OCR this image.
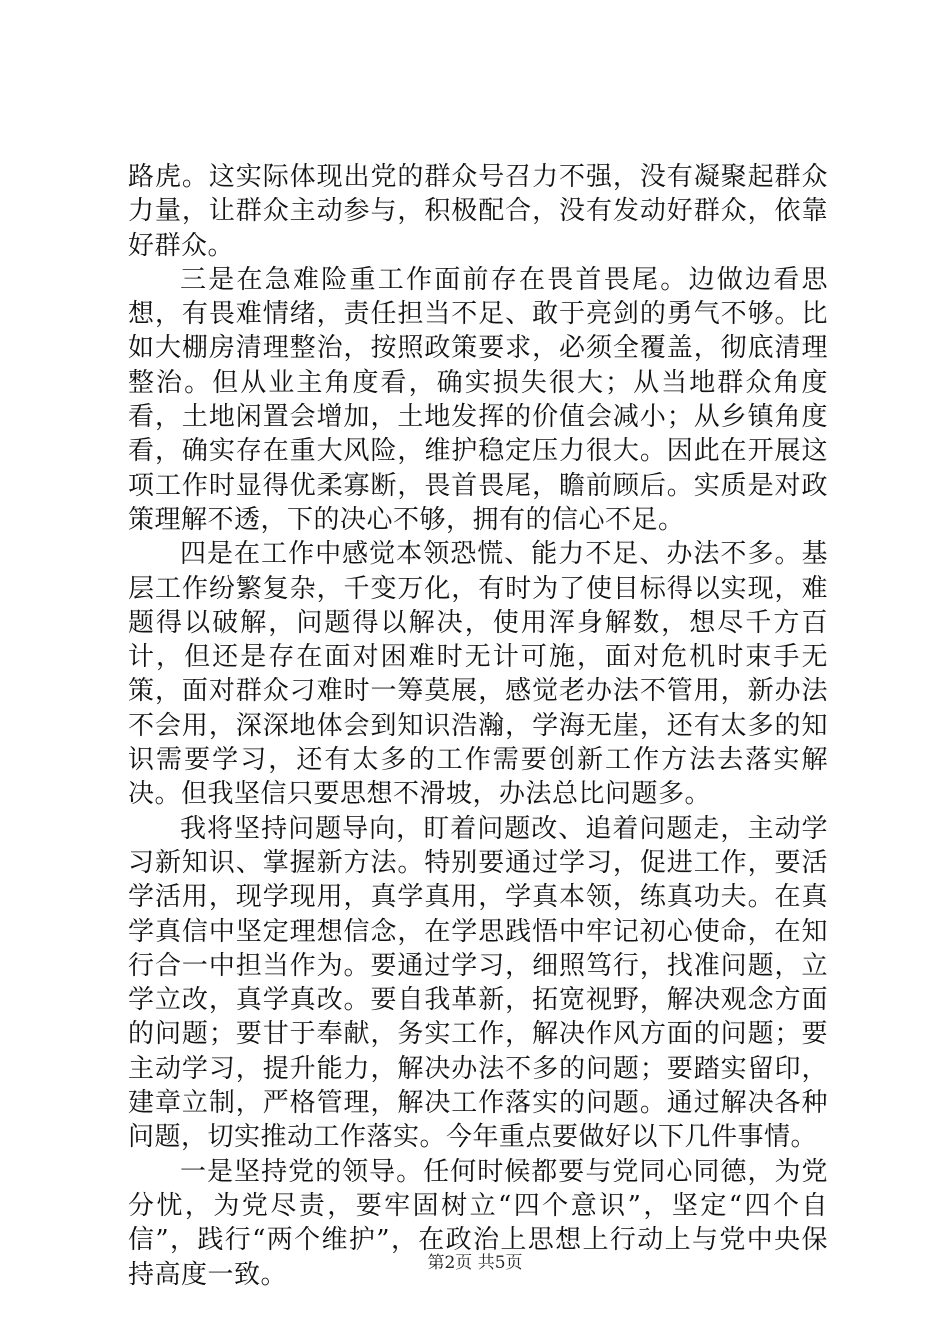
路虎。这实际体现出党的群众号召力不强，没有凝聚起群众力量，让群众主动参与，积极配合，没有发动好群众，依靠好群众。

三是在急难险重工作面前存在畏首畏尾。边做边看思想，有畏难情绪，责任担当不足、敢于亮剑的勇气不够。比如大棚房清理整治，按照政策要求，必须全覆盖，彻底清理整治。但从业主角度看，确实损失很大；从当地群众角度看，土地闲置会增加，土地发挥的价值会减小；从乡镇角度看，确实存在重大风险，维护稳定压力很大。因此在开展这项工作时显得优柔寡断，畏首畏尾，瞻前顾后。实质是对政策理解不透，下的决心不够，拥有的信心不足。

四是在工作中感觉本领恐慌、能力不足、办法不多。基层工作纷繁复杂，千变万化，有时为了使目标得以实现，难题得以破解，问题得以解决，使用浑身解数，想尽千方百计，但还是存在面对困难时无计可施，面对危机时束手无策，面对群众刁难时一筹莫展，感觉老办法不管用，新办法不会用，深深地体会到知识浩瀚，学海无崖，还有太多的知识需要学习，还有太多的工作需要创新工作方法去落实解决。但我坚信只要思想不滑坡，办法总比问题多。

我将坚持问题导向，盯着问题改、追着问题走，主动学习新知识、掌握新方法。特别要通过学习，促进工作，要活学活用，现学现用，真学真用，学真本领，练真功夫。在真学真信中坚定理想信念，在学思践悟中牢记初心使命，在知行合一中担当作为。要通过学习，细照笃行，找准问题，立学立改，真学真改。要自我革新，拓宽视野，解决观念方面的问题；要甘于奉献，务实工作，解决作风方面的问题；要主动学习，提升能力，解决办法不多的问题；要踏实留印，建章立制，严格管理，解决工作落实的问题。通过解决各种问题，切实推动工作落实。今年重点要做好以下几件事情。

一是坚持党的领导。任何时候都要与党同心同德，为党分忧，为党尽责，要牢固树立“四个意识”，坚定“四个自信”，践行“两个维护”，在政治上思想上行动上与党中央保持高度一致。	第2页 共5页
